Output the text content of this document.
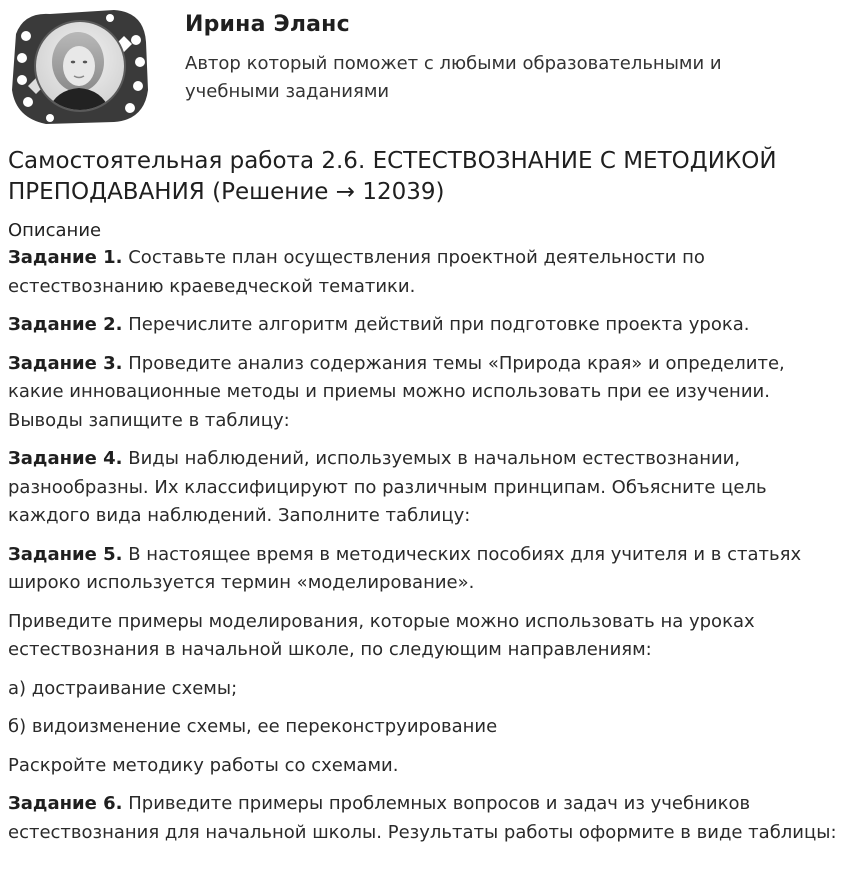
Ирина Эланс
Автор который поможет с любыми образовательными и учебными заданиями
Самостоятельная работа 2.6. ЕСТЕСТВОЗНАНИЕ С МЕТОДИКОЙ ПРЕПОДАВАНИЯ (Решение → 12039)
Описание

Задание 1. Составьте план осуществления проектной деятельности по естествознанию краеведческой тематики.

Задание 2. Перечислите алгоритм действий при подготовке проекта урока.

Задание 3. Проведите анализ содержания темы «Природа края» и определите, какие инновационные методы и приемы можно использовать при ее изучении. Выводы запищите в таблицу:

Задание 4. Виды наблюдений, используемых в начальном естествознании, разнообразны. Их классифицируют по различным принципам. Объясните цель каждого вида наблюдений. Заполните таблицу:

Задание 5. В настоящее время в методических пособиях для учителя и в статьях широко используется термин «моделирование».

Приведите примеры моделирования, которые можно использовать на уроках естествознания в начальной школе, по следующим направлениям:

а) достраивание схемы;

б) видоизменение схемы, ее переконструирование

Раскройте методику работы со схемами.

Задание 6. Приведите примеры проблемных вопросов и задач из учебников естествознания для начальной школы. Результаты работы оформите в виде таблицы:
